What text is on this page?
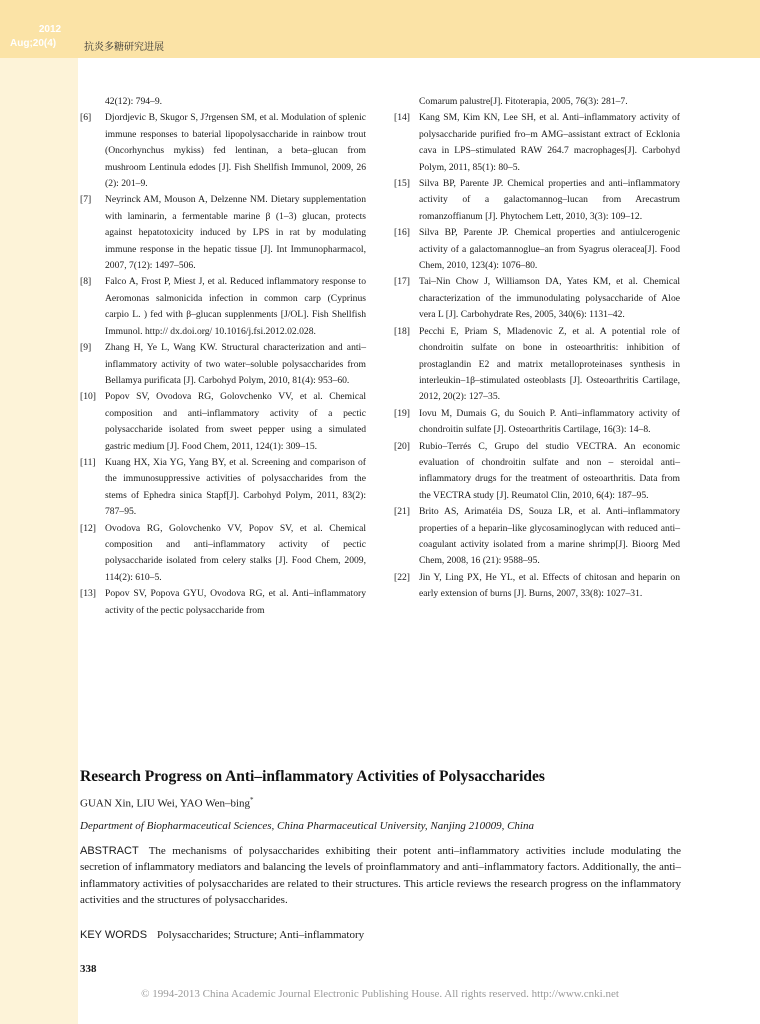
2012
Aug;20(4)	抗炎多糖研究进展
42(12): 794–9.
[6]	Djordjevic B, Skugor S, J?rgensen SM, et al. Modulation of splenic immune responses to baterial lipopolysaccharide in rainbow trout (Oncorhynchus mykiss) fed lentinan, a beta–glucan from mushroom Lentinula edodes [J]. Fish Shellfish Immunol, 2009, 26 (2): 201–9.
[7]	Neyrinck AM, Mouson A, Delzenne NM. Dietary supplementation with laminarin, a fermentable marine β (1–3) glucan, protects against hepatotoxicity induced by LPS in rat by modulating immune response in the hepatic tissue [J]. Int Immunopharmacol, 2007, 7(12): 1497–506.
[8]	Falco A, Frost P, Miest J, et al. Reduced inflammatory response to Aeromonas salmonicida infection in common carp (Cyprinus carpio L. ) fed with β–glucan supplenments [J/OL]. Fish Shellfish Immunol. http:// dx.doi.org/ 10.1016/j.fsi.2012.02.028.
[9]	Zhang H, Ye L, Wang KW. Structural characterization and anti–inflammatory activity of two water–soluble polysaccharides from Bellamya purificata [J]. Carbohyd Polym, 2010, 81(4): 953–60.
[10] Popov SV, Ovodova RG, Golovchenko VV, et al. Chemical composition and anti–inflammatory activity of a pectic polysaccharide isolated from sweet pepper using a simulated gastric medium [J]. Food Chem, 2011, 124(1): 309–15.
[11] Kuang HX, Xia YG, Yang BY, et al. Screening and comparison of the immunosuppressive activities of polysaccharides from the stems of Ephedra sinica Stapf[J]. Carbohyd Polym, 2011, 83(2): 787–95.
[12] Ovodova RG, Golovchenko VV, Popov SV, et al. Chemical composition and anti–inflammatory activity of pectic polysaccharide isolated from celery stalks [J]. Food Chem, 2009, 114(2): 610–5.
[13] Popov SV, Popova GYU, Ovodova RG, et al. Anti–inflammatory activity of the pectic polysaccharide from
Comarum palustre[J]. Fitoterapia, 2005, 76(3): 281–7.
[14] Kang SM, Kim KN, Lee SH, et al. Anti–inflammatory activity of polysaccharide purified fro–m AMG–assistant extract of Ecklonia cava in LPS–stimulated RAW 264.7 macrophages[J]. Carbohyd Polym, 2011, 85(1): 80–5.
[15] Silva BP, Parente JP. Chemical properties and anti–inflammatory activity of a galactomannog–lucan from Arecastrum romanzoffianum [J]. Phytochem Lett, 2010, 3(3): 109–12.
[16] Silva BP, Parente JP. Chemical properties and antiulcerogenic activity of a galactomannoglue–an from Syagrus oleracea[J]. Food Chem, 2010, 123(4): 1076–80.
[17] Tai–Nin Chow J, Williamson DA, Yates KM, et al. Chemical characterization of the immunodulating polysaccharide of Aloe vera L [J]. Carbohydrate Res, 2005, 340(6): 1131–42.
[18] Pecchi E, Priam S, Mladenovic Z, et al. A potential role of chondroitin sulfate on bone in osteoarthritis: inhibition of prostaglandin E2 and matrix metalloproteinases synthesis in interleukin–1β–stimulated osteoblasts [J]. Osteoarthritis Cartilage, 2012, 20(2): 127–35.
[19] Iovu M, Dumais G, du Souich P. Anti–inflammatory activity of chondroitin sulfate [J]. Osteoarthritis Cartilage, 16(3): 14–8.
[20] Rubio–Terrés C, Grupo del studio VECTRA. An economic evaluation of chondroitin sulfate and non – steroidal anti–inflammatory drugs for the treatment of osteoarthritis. Data from the VECTRA study [J]. Reumatol Clin, 2010, 6(4): 187–95.
[21] Brito AS, Arimatéia DS, Souza LR, et al. Anti–inflammatory properties of a heparin–like glycosaminoglycan with reduced anti–coagulant activity isolated from a marine shrimp[J]. Bioorg Med Chem, 2008, 16 (21): 9588–95.
[22] Jin Y, Ling PX, He YL, et al. Effects of chitosan and heparin on early extension of burns [J]. Burns, 2007, 33(8): 1027–31.
Research Progress on Anti–inflammatory Activities of Polysaccharides
GUAN Xin, LIU Wei, YAO Wen–bing*
Department of Biopharmaceutical Sciences, China Pharmaceutical University, Nanjing 210009, China
ABSTRACT The mechanisms of polysaccharides exhibiting their potent anti–inflammatory activities include modulating the secretion of inflammatory mediators and balancing the levels of proinflammatory and anti–inflammatory factors. Additionally, the anti–inflammatory activities of polysaccharides are related to their structures. This article reviews the research progress on the inflammatory activities and the structures of polysaccharides.
KEY WORDS Polysaccharides; Structure; Anti–inflammatory
338
© 1994-2013 China Academic Journal Electronic Publishing House. All rights reserved. http://www.cnki.net
